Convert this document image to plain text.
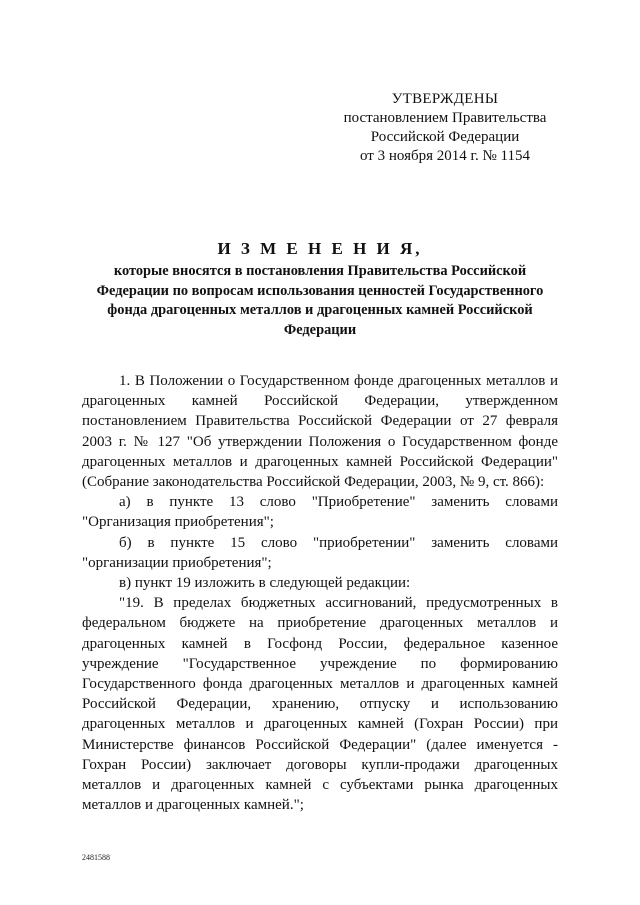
УТВЕРЖДЕНЫ
постановлением Правительства
Российской Федерации
от 3 ноября 2014 г. № 1154
И З М Е Н Е Н И Я,
которые вносятся в постановления Правительства Российской Федерации по вопросам использования ценностей Государственного фонда драгоценных металлов и драгоценных камней Российской Федерации

1. В Положении о Государственном фонде драгоценных металлов и драгоценных камней Российской Федерации, утвержденном постановлением Правительства Российской Федерации от 27 февраля 2003 г. № 127 "Об утверждении Положения о Государственном фонде драгоценных металлов и драгоценных камней Российской Федерации" (Собрание законодательства Российской Федерации, 2003, № 9, ст. 866):

а) в пункте 13 слово "Приобретение" заменить словами "Организация приобретения";

б) в пункте 15 слово "приобретении" заменить словами "организации приобретения";

в) пункт 19 изложить в следующей редакции:

"19. В пределах бюджетных ассигнований, предусмотренных в федеральном бюджете на приобретение драгоценных металлов и драгоценных камней в Госфонд России, федеральное казенное учреждение "Государственное учреждение по формированию Государственного фонда драгоценных металлов и драгоценных камней Российской Федерации, хранению, отпуску и использованию драгоценных металлов и драгоценных камней (Гохран России) при Министерстве финансов Российской Федерации" (далее именуется - Гохран России) заключает договоры купли-продажи драгоценных металлов и драгоценных камней с субъектами рынка драгоценных металлов и драгоценных камней.";

2481588
